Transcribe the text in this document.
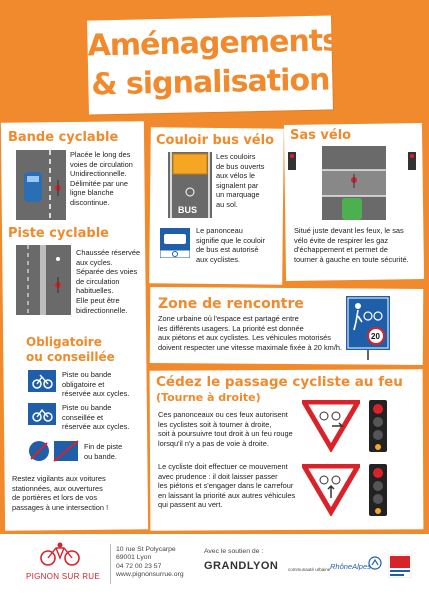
Aménagements
& signalisation
Bande cyclable
Placée le long des
voies de circulation
Unidirectionnelle.
Délimitée par une
ligne blanche
discontinue.
Piste cyclable
Chaussée réservée
aux cycles.
Séparée des voies
de circulation
habituelles.
Elle peut être
bidirectionnelle.
Obligatoire
ou conseillée
Piste ou bande
obligatoire et
réservée aux cycles.
Piste ou bande
conseillée et
réservée aux cycles.
Fin de piste
ou bande.
Restez vigilants aux voitures
stationnées, aux ouvertures
de portières et lors de vos
passages à une intersection !
Couloir bus vélo
BUS
Les couloirs
de bus ouverts
aux vélos le
signalent par
un marquage
au sol.
Le panonceau
signifie que le couloir
de bus est autorisé
aux cyclistes.
Sas vélo
Situé juste devant les feux, le sas
vélo évite de respirer les gaz
d'échappement et permet de
tourner à gauche en toute sécurité.
Zone de rencontre
Zone urbaine où l'espace est partagé entre
les différents usagers. La priorité est donnée
aux piétons et aux cyclistes. Les véhicules motorisés
doivent respecter une vitesse maximale fixée à 20 km/h.
20
Cédez le passage cycliste au feu
(Tourne à droite)
Ces panonceaux ou ces feux autorisent
les cyclistes soit à tourner à droite,
soit à poursuivre tout droit à un feu rouge
lorsqu'il n'y a pas de voie à droite.
Le cycliste doit effectuer ce mouvement
avec prudence : il doit laisser passer
les piétons et s'engager dans le carrefour
en laissant la priorité aux autres véhicules
qui passent au vert.
PIGNON SUR RUE
10 rue St Polycarpe
69001 Lyon
04 72 00 23 57
www.pignonsurrue.org
Avec le soutien de :
GRANDLYON communauté urbaine RhôneAlpes
